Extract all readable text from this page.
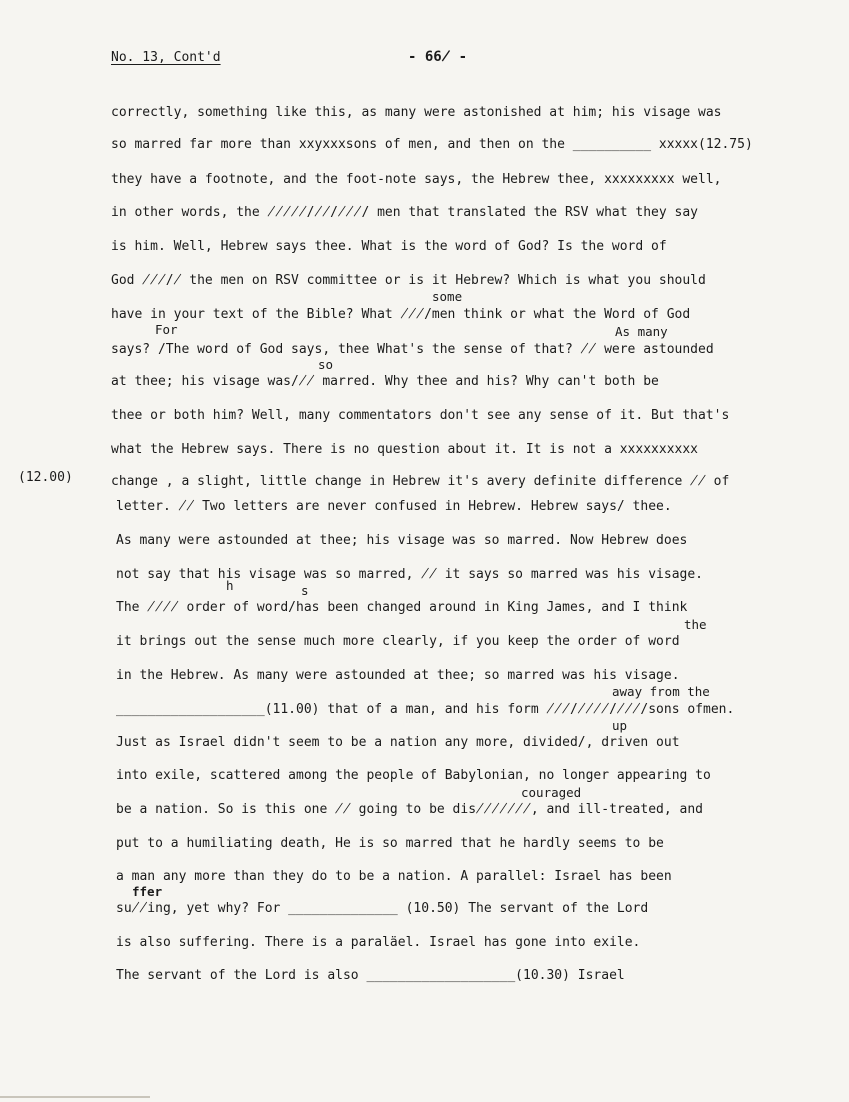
No. 13, Cont'd	- 66̸ -
(12.00)
correctly, something like this, as many were astonished at him; his visage was
so marred far more than xxyxxxsons of men, and then on the __________ xxxxx(12.75)
they have a footnote, and the foot-note says, the Hebrew thee, xxxxxxxxx well,
in other words, the ̸̸̸̸̸/̸̸/̸̸̸/ men that translated the RSV what they say
is him. Well, Hebrew says thee. What is the word of God? Is the word of
God ̸̸̸/̸ the men on RSV committee or is it Hebrew? Which is what you should
some
have in your text of the Bible? What ̸̸̸/men think or what the Word of God
For	As many
says? /The word of God says, thee What's the sense of that? ̸̸ were astounded
so
at thee; his visage was/̸̸ marred. Why thee and his? Why can't both be
thee or both him? Well, many commentators don't see any sense of it. But that's
what the Hebrew says. There is no question about it. It is not a xxxxxxxxxx
change , a slight, little change in Hebrew it's avery definite difference ̸̸ of
letter. ̸̸ Two letters are never confused in Hebrew. Hebrew says/ thee.
As many were astounded at thee; his visage was so marred. Now Hebrew does
h
not say that his visage was so marred, ̸̸ it says so marred was his visage.
s
The ̸̸̸̸ order of word/has been changed around in King James, and I think
the
it brings out the sense much more clearly, if you keep the order of word
in the Hebrew. As many were astounded at thee; so marred was his visage.
away from the
___________________(11.00) that of a man, and his form ̸̸̸/̸̸̸̸/̸̸̸/sons ofmen.
up
Just as Israel didn't seem to be a nation any more, divided/, driven out
into exile, scattered among the people of Babylonian, no longer appearing to
couraged
be a nation. So is this one ̸̸ going to be dis̸̸̸̸̸̸̸, and ill-treated, and
put to a humiliating death, He is so marred that he hardly seems to be
a man any more than they do to be a nation. A parallel: Israel has been
ffer
su̸̸ing, yet why? For ______________ (10.50) The servant of the Lord
is also suffering. There is a paraläel. Israel has gone into exile.
The servant of the Lord is also ___________________(10.30) Israel
